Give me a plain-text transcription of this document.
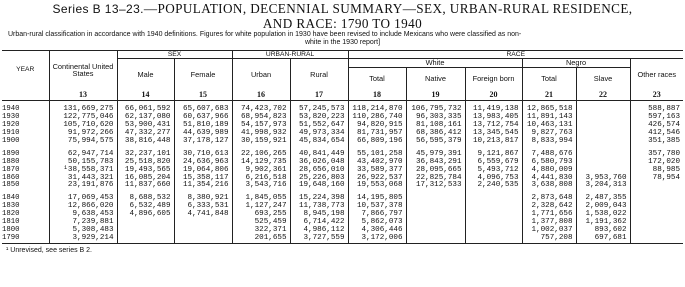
Series B 13–23.—POPULATION, DECENNIAL SUMMARY—SEX, URBAN-RURAL RESIDENCE,
AND RACE: 1790 TO 1940
Urban-rural classification in accordance with 1940 definitions. Figures for white population in 1930 have been revised to include Mexicans who were classified as non-
white in the 1930 report]
YEAR	Continental United States	SEX		URBAN-RURAL		RACE					
		Male	Female	Urban	Rural	White			Negro		Other races
						Total	Native	Foreign born	Total	Slave	
	13	14	15	16	17	18	19	20	21	22	23

1940	131,669,275	66,061,592	65,607,683	74,423,702	57,245,573	118,214,870	106,795,732	11,419,138	12,865,518		588,887
1930	122,775,046	62,137,080	60,637,966	68,954,823	53,820,223	110,286,740	96,303,335	13,983,405	11,891,143		597,163
1920	105,710,620	53,900,431	51,810,189	54,157,973	51,552,647	94,820,915	81,108,161	13,712,754	10,463,131		426,574
1910	91,972,266	47,332,277	44,639,989	41,998,932	49,973,334	81,731,957	68,386,412	13,345,545	9,827,763		412,546
1900	75,994,575	38,816,448	37,178,127	30,159,921	45,834,654	66,809,196	56,595,379	10,213,817	8,833,994		351,385

1890	62,947,714	32,237,101	30,710,613	22,106,265	40,841,449	55,101,258	45,979,391	9,121,867	7,488,676		357,780
1880	50,155,783	25,518,820	24,636,963	14,129,735	36,026,048	43,402,970	36,843,291	6,559,679	6,580,793		172,020
1870	¹38,558,371	19,493,565	19,064,806	9,902,361	28,656,010	33,589,377	28,095,665	5,493,712	4,880,009		88,985
1860	31,443,321	16,085,204	15,358,117	6,216,518	25,226,803	26,922,537	22,825,784	4,096,753	4,441,830	3,953,760	78,954
1850	23,191,876	11,837,660	11,354,216	3,543,716	19,648,160	19,553,068	17,312,533	2,240,535	3,638,808	3,204,313	

1840	17,069,453	8,688,532	8,380,921	1,845,055	15,224,398	14,195,805			2,873,648	2,487,355	
1830	12,866,020	6,532,489	6,333,531	1,127,247	11,738,773	10,537,378			2,328,642	2,009,043	
1820	9,638,453	4,896,605	4,741,848	693,255	8,945,198	7,866,797			1,771,656	1,538,022	
1810	7,239,881			525,459	6,714,422	5,862,073			1,377,808	1,191,362	
1800	5,308,483			322,371	4,986,112	4,306,446			1,002,037	893,602	
1790	3,929,214			201,655	3,727,559	3,172,006			757,208	697,681	
¹ Unrevised, see series B 2.
